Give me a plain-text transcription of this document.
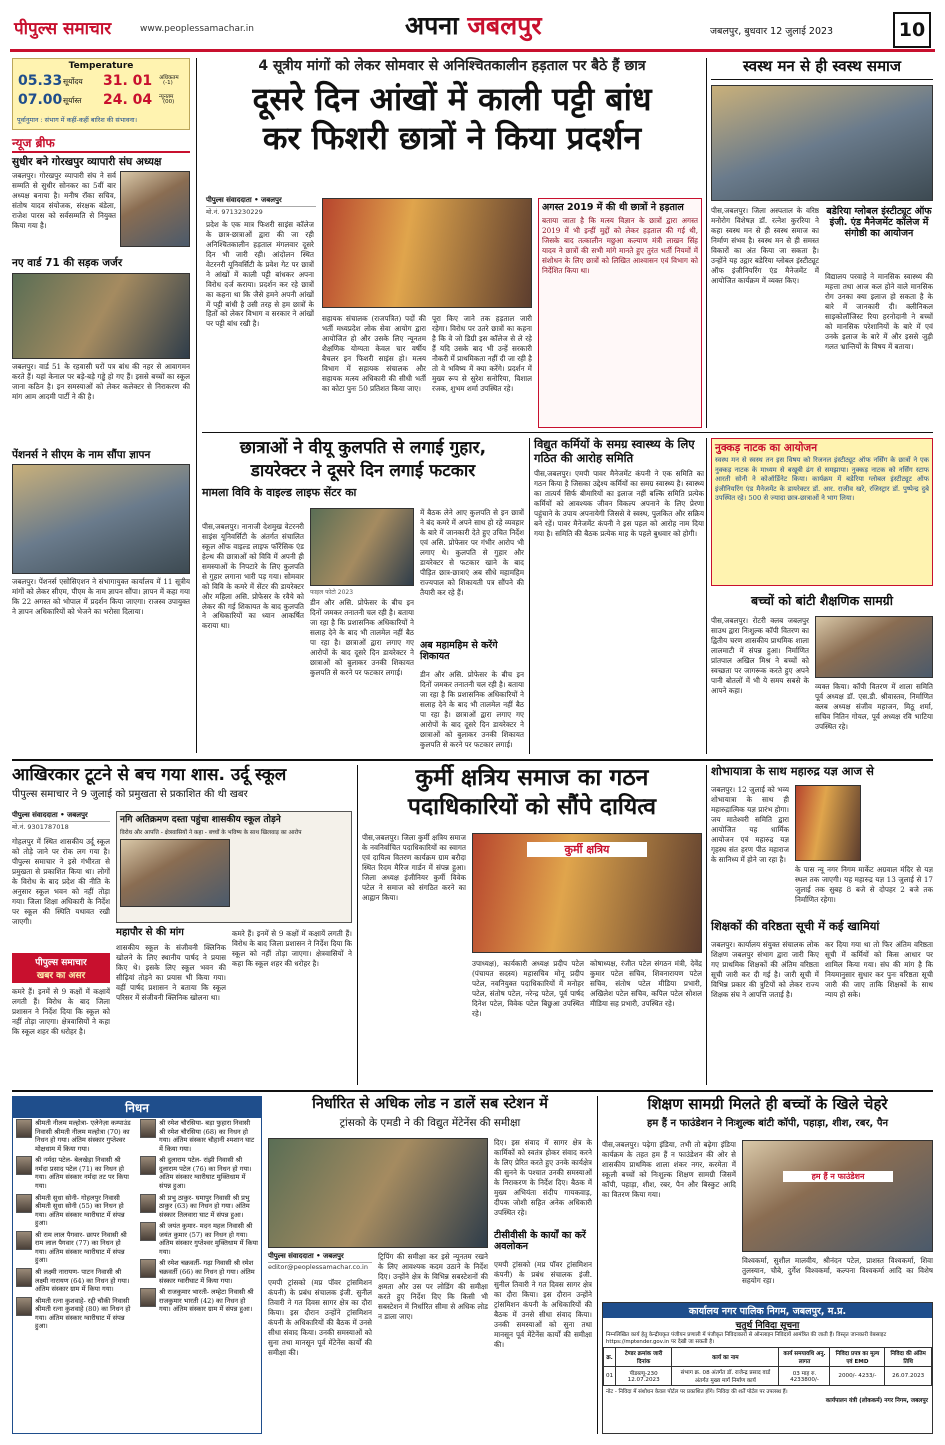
पीपुल्स समाचार	www.peoplessamachar.in	अपना जबलपुर	जबलपुर, बुधवार 12 जुलाई 2023	10
Temperature
05.33 सूर्योदय 31. 01 अधिकतम
(-1)
07.00 सूर्यास्त 24. 04 न्यूनतम
(00)
पूर्वानुमान : संभाग में कहीं-कहीं बारिश की संभावना।
न्यूज ब्रीफ
सुधीर बने गोरखपुर व्यापारी संघ अध्यक्ष
जबलपुर। गोरखपुर व्यापारी संघ ने सर्व सम्मति से सुधीर सोनकर का 5वीं बार अध्यक्ष बनाया है। मनीष रॉका सचिव, संतोष यादव संयोजक, संरक्षक बंडेला, राजेश पारस को सर्वसम्मति से नियुक्त किया गया है।
नए वार्ड 71 की सड़क जर्जर
जबलपुर। वार्ड 51 के रहवासी घरों पत्र बांध की नहर से आवागमन करते हैं। यहां केनाल पर बड़े-बड़े गड्ढे हो गए हैं। इससे बच्चों का स्कूल जाना कठिन है। इन समस्याओं को लेकर कलेक्टर से निराकरण की मांग आम आदमी पार्टी ने की है।
पेंशनर्स ने सीएम के नाम सौंपा ज्ञापन
जबलपुर। पेंशनर्स एसोसिएशन ने संभागायुक्त कार्यालय में 11 सूत्रीय मांगों को लेकर सीएम, पीएम के नाम ज्ञापन सौंपा। ज्ञापन में कहा गया कि 22 अगस्त को भोपाल में प्रदर्शन किया जाएगा। राजस्व उपायुक्त ने ज्ञापन अधिकारियों को भेजने का भरोसा दिलाया।
4 सूत्रीय मांगों को लेकर सोमवार से अनिश्चितकालीन हड़ताल पर बैठे हैं छात्र
दूसरे दिन आंखों में काली पट्टी बांध
कर फिशरी छात्रों ने किया प्रदर्शन
पीपुल्स संवाददाता • जबलपुर
मो.नं. 9713230229
प्रदेश के एक मात्र फिशरी साइंस कॉलेज के छात्र-छात्राओं द्वारा की जा रही अनिश्चितकालीन हड़ताल मंगलवार दूसरे दिन भी जारी रही। आंदोलन स्थित वेटरनरी यूनिवर्सिटी के प्रवेश गेट पर छात्रों ने आंखों में काली पट्टी बांधकर अपना विरोध दर्ज कराया। प्रदर्शन कर रहे छात्रों का कहना था कि जैसे हमने अपनी आंखों में पट्टी बांधी है उसी तरह से हम छात्रों के हितों को लेकर विभाग व सरकार ने आंखों पर पट्टी बांध रखी है।
सहायक संचालक (राजपत्रित) पदों की भर्ती मध्यप्रदेश लोक सेवा आयोग द्वारा आयोजित हो और उसके लिए न्यूनतम शैक्षणिक योग्यता केवल चार वर्षीय बैचलर इन फिशरी साइंस हो। मत्स्य विभाग में सहायक संचालक और सहायक मत्स्य अधिकारी की सीधी भर्ती का कोटा पुनः 50 प्रतिशत किया जाए।
पूरा किए जाने तक हड़ताल जारी रहेगा। विरोध पर उतरे छात्रों का कहना है कि वे जो डिग्री इस कॉलेज से ले रहे हैं यदि उसके बाद भी उन्हें सरकारी नौकरी में प्राथमिकता नहीं दी जा रही है तो वे भविष्य में क्या करेंगे। प्रदर्शन में मुख्य रूप से सुरेश सनोरिया, विशाल रजक, शुभम शर्मा उपस्थित रहे।
अगस्त 2019 में की थी छात्रों ने हड़ताल
बताया जाता है कि मत्स्य विज्ञान के छात्रों द्वारा अगस्त 2019 में भी इन्हीं मुद्दों को लेकर हड़ताल की गई थी, जिसके बाद तत्कालीन मछुआ कल्याण मंत्री लाखन सिंह यादव ने छात्रों की सभी मांगे मानते हुए तुरंत भर्ती नियमों में संशोधन के लिए छात्रों को लिखित आश्वासन एवं विभाग को निर्देशित किया था।
स्वस्थ मन से ही स्वस्थ समाज
पीस,जबलपुर। जिला अस्पताल के वरिष्ठ मनोरोग विशेषज्ञ डॉ. रत्नेश कुररिया ने कहा स्वस्थ मन से ही स्वस्थ समाज का निर्माण संभव है। स्वस्थ मन से ही समस्त विकारों का अंत किया जा सकता है। उन्होंने यह उद्गार बडेरिया ग्लोबल इंस्टीट्यूट ऑफ इंजीनियरिंग एंड मैनेजमेंट में आयोजित कार्यक्रम में व्यक्त किए।
बडेरिया ग्लोबल इंस्टीट्यूट ऑफ इंजी. एंड मैनेजमेंट कॉलेज में संगोष्ठी का आयोजन
विद्यालय परवाहे ने मानसिक स्वास्थ्य की महत्ता तथा आज कल होने वाले मानसिक रोग उनका क्या इलाज हो सकता है के बारे में जानकारी दी। क्लीनिकल साइकोलॉजिस्ट रिया हरनोदानी ने बच्चों को मानसिक परेशानियों के बारे में एवं उनके इलाज के बारे में और इससे जुड़ी गलत भ्रान्तियों के विषय में बताया।
छात्राओं ने वीयू कुलपति से लगाई गुहार,
डायरेक्टर ने दूसरे दिन लगाई फटकार
मामला विवि के वाइल्ड लाइफ सेंटर का
पीस,जबलपुर। नानाजी देशमुख वेटरनरी साइंस यूनिवर्सिटी के अंतर्गत संचालित स्कूल ऑफ वाइल्ड लाइफ फॉरेंसिक एंड हेल्थ की छात्राओं को विवि में अपनी ही समस्याओं के निपटारे के लिए कुलपति से गुहार लगाना भारी पड़ गया। सोमवार को विवि के कमरे में सेंटर की डायरेक्टर और महिला असि. प्रोफेसर के रवैये को लेकर की गई शिकायत के बाद कुलपति ने अधिकारियों का ध्यान आकर्षित कराया था।
फाइल फोटो 2023
डीन और असि. प्रोफेसर के बीच इन दिनों जमकर तनातनी चल रही है। बताया जा रहा है कि प्रशासनिक अधिकारियों ने सलाह देने के बाद भी तालमेल नहीं बैठ पा रहा है। छात्राओं द्वारा लगाए गए आरोपों के बाद दूसरे दिन डायरेक्टर ने छात्राओं को बुलाकर उनकी शिकायत कुलपति से करने पर फटकार लगाई।
में बैठक लेने आए कुलपति से इन छात्रों ने बंद कमरे में अपने साथ हो रहे व्यवहार के बारे में जानकारी देते हुए उचित निर्देश एवं असि. प्रोफेसर पर गंभीर आरोप भी लगाए थे। कुलपति से गुहार और डायरेक्टर से फटकार खाने के बाद पीड़ित छात्र-छात्राएं अब सीधे महामहिम राज्यपाल को शिकायती पत्र सौंपने की तैयारी कर रहे हैं।
अब महामहिम से करेंगे शिकायत
डीन और असि. प्रोफेसर के बीच इन दिनों जमकर तनातनी चल रही है। बताया जा रहा है कि प्रशासनिक अधिकारियों ने सलाह देने के बाद भी तालमेल नहीं बैठ पा रहा है। छात्राओं द्वारा लगाए गए आरोपों के बाद दूसरे दिन डायरेक्टर ने छात्राओं को बुलाकर उनकी शिकायत कुलपति से करने पर फटकार लगाई।
विद्युत कर्मियों के समग्र स्वास्थ्य के लिए गठित की आरोह समिति
पीस,जबलपुर। एमपी पावर मैनेजमेंट कंपनी ने एक समिति का गठन किया है जिसका उद्देश्य कर्मियों का समग्र स्वास्थ्य है। स्वास्थ्य का तात्पर्य सिर्फ बीमारियों का इलाज नहीं बल्कि समिति प्रत्येक कर्मियों को आवश्यक जीवन विकल्प अपनाने के लिए प्रेरणा पहुंचाने के उपाय अपनायेगी जिससे वे स्वस्थ, पुलकित और सक्रिय बने रहें। पावर मैनेजमेंट कंपनी ने इस पहल को आरोह नाम दिया गया है। समिति की बैठक प्रत्येक माह के पहले बुधवार को होगी।
नुक्कड़ नाटक का आयोजन
स्वस्थ मन से स्वस्थ तन इस विषय को रिजनल इंस्टीट्यूट ऑफ नर्सिंग के छात्रों ने एक नुक्कड़ नाटक के माध्यम से बखूबी ढंग से समझाया। नुक्कड़ नाटक को नर्सिंग स्टाफ आरती सोनी ने कोऑर्डिनेट किया। कार्यक्रम में बडेरिया ग्लोबल इंस्टीट्यूट ऑफ इंजीनियरिंग एंड मैनेजमेंट के डायरेक्टर डॉ. आर. राजीव खरे, रजिस्ट्रार डॉ. पुष्पेन्द्र दुबे उपस्थित रहे। 500 से ज्यादा छात्र-छात्राओं ने भाग लिया।
बच्चों को बांटी शैक्षणिक सामग्री
पीस,जबलपुर। रोटरी क्लब जबलपुर साउथ द्वारा निःशुल्क कॉपी वितरण का द्वितीय चरण शासकीय प्राथमिक शाला लालमाटी में संपन्न हुआ। निर्माणित प्रांतपाल अखिल मिश्र ने बच्चों को स्वच्छता पर जागरूक करते हुए अपने पानी बोतलों में भी ये समय सबसे के आपने कहा।	व्यक्त किया। कॉपी वितरण में शाला समिति पूर्व अध्यक्ष डॉ. एस.डी. श्रीवास्तव, निर्माणित क्लब अध्यक्ष संजीव महाजन, मिठू शर्मा, सचिव नितिन गोयल, पूर्व अध्यक्ष रवि भाटिया उपस्थित रहे।
आखिरकार टूटने से बच गया शास. उर्दू स्कूल
पीपुल्स समाचार ने 9 जुलाई को प्रमुखता से प्रकाशित की थी खबर
पीपुल्स संवाददाता • जबलपुर
मो.नं. 9301787018
गोहलपुर में स्थित शासकीय उर्दू स्कूल को तोड़े जाने पर रोक लग गया है। पीपुल्स समाचार ने इसे गंभीरता से प्रमुखता से प्रकाशित किया था। लोगों के विरोध के बाद प्रदेश की नीति के अनुसार स्कूल भवन को नहीं तोड़ा गया। जिला शिक्षा अधिकारी के निर्देश पर स्कूल की स्थिति यथावत रखी जाएगी।
पीपुल्स समाचार
खबर का असर
कमरे हैं। इनमें से 9 कक्षों में कक्षायें लगती हैं। विरोध के बाद जिला प्रशासन ने निर्देश दिया कि स्कूल को नहीं तोड़ा जाएगा। क्षेत्रवासियों ने कहा कि स्कूल शहर की धरोहर है।
नगि अतिक्रमण दस्ता पहुंचा शासकीय स्कूल तोड़ने
विरोध और आपत्ति - क्षेत्रवासियों ने कहा - बच्चों के भविष्य के साथ खिलवाड़ का आरोप
महापौर से की मांग
शासकीय स्कूल के संजीवनी क्लिनिक खोलने के लिए स्थानीय पार्षद ने प्रयास किए थे। इसके लिए स्कूल भवन की सीढ़ियां तोड़ने का प्रयास भी किया गया। वहीं पार्षद प्रशासन ने बताया कि स्कूल परिसर में संजीवनी क्लिनिक खोलना था।
कमरे हैं। इनमें से 9 कक्षों में कक्षायें लगती हैं। विरोध के बाद जिला प्रशासन ने निर्देश दिया कि स्कूल को नहीं तोड़ा जाएगा। क्षेत्रवासियों ने कहा कि स्कूल शहर की धरोहर है।
कुर्मी क्षत्रिय समाज का गठन
पदाधिकारियों को सौंपे दायित्व
पीस,जबलपुर। जिला कुर्मी क्षत्रिय समाज के नवनिर्वाचित पदाधिकारियों का स्वागत एवं दायित्व वितरण कार्यक्रम ग्राम बरौदा स्थित रिदम मैरिज गार्डन में संपन्न हुआ। जिला अध्यक्ष इंजीनियर कुर्मी विवेक पटेल ने समाज को संगठित करने का आह्वान किया।
कुर्मी क्षत्रिय
उपाध्यक्ष), कार्यकारी अध्यक्ष प्रदीप पटेल (पंचायत सदस्य) महासचिव मोनू प्रदीप पटेल, नवनियुक्त पदाधिकारियों में मनोहर पटेल, संतोष पटेल, नरेन्द्र पटेल, पूर्व पार्षद दिनेश पटेल, विवेक पटेल बिछुआ उपस्थित रहे।
कोषाध्यक्ष, रंजीत पटेल संगठन मंत्री, देवेंद्र कुमार पटेल सचिव, शिवनारायण पटेल सचिव, संतोष पटेल मीडिया प्रभारी, अखिलेश पटेल सचिव, कपिल पटेल सोशल मीडिया सह प्रभारी, उपस्थित रहे।
शोभायात्रा के साथ महारुद्र यज्ञ आज से
जबलपुर। 12 जुलाई को भव्य शोभायात्रा के साथ ही महारुद्रात्मिक यज्ञ प्रारंभ होगा। जय मातेश्वरी समिति द्वारा आयोजित यह धार्मिक आयोजन एवं महारुद्र यज्ञ गृहस्थ संत हरण पीठ महाराज के सानिध्य में होने जा रहा है।
के पास न्यू नगर निगम मार्केट अग्रवाल मंदिर से यज्ञ स्थल तक जाएगी। यह महारुद्र यज्ञ 13 जुलाई से 17 जुलाई तक सुबह 8 बजे से दोपहर 2 बजे तक निर्माणित रहेगा।
शिक्षकों की वरिष्ठता सूची में कई खामियां
जबलपुर। कार्यालय संयुक्त संचालक लोक शिक्षण जबलपुर संभाग द्वारा जारी किए गए प्राथमिक शिक्षकों की अंतिम वरिष्ठता सूची जारी कर दी गई है। जारी सूची में विभिन्न प्रकार की त्रुटियों को लेकर राज्य शिक्षक संघ ने आपत्ति जताई है।
कर दिया गया था तो फिर अंतिम वरिष्ठता सूची में कर्मियों को किस आधार पर शामिल किया गया। संघ की मांग है कि नियमानुसार सुधार कर पुनः वरिष्ठता सूची जारी की जाए ताकि शिक्षकों के साथ न्याय हो सके।
निधन
श्रीमती नीलम मल्होत्रा- एलेनेज़ा कम्पाउंड निवासी श्रीमती नीलम मल्होत्रा (70) का निधन हो गया। अंतिम संस्कार गुप्तेश्वर मोक्षधाम में किया गया।
श्री नर्मदा पटेल- बेलखेड़ा निवासी श्री नर्मदा प्रसाद पटेल (71) का निधन हो गया। अंतिम संस्कार नर्मदा तट पर किया गया।
श्रीमती सुधा सोनी- गोहलपुर निवासी श्रीमती सुधा सोनी (55) का निधन हो गया। अंतिम संस्कार ग्वारीघाट में संपन्न हुआ।
श्री राम लाल पैगवार- छापर निवासी श्री राम लाल पैगवार (77) का निधन हो गया। अंतिम संस्कार ग्वारीघाट में संपन्न हुआ।
श्री लक्ष्मी नारायण- पाटन निवासी श्री लक्ष्मी नारायण (64) का निधन हो गया। अंतिम संस्कार ग्राम में किया गया।
श्रीमती रत्ना कुशवाहे- रद्दी चौकी निवासी श्रीमती रत्ना कुशवाहे (80) का निधन हो गया। अंतिम संस्कार ग्वारीघाट में संपन्न हुआ।
श्री रमेश चौरसिया- बड़ा फुहारा निवासी श्री रमेश चौरसिया (68) का निधन हो गया। अंतिम संस्कार चौहानी श्मशान घाट में किया गया।
श्री दुलाराम पटेल- रांझी निवासी श्री दुलाराम पटेल (76) का निधन हो गया। अंतिम संस्कार ग्वारीघाट मुक्तिधाम में संपन्न हुआ।
श्री प्रभु ठाकुर- घमापुर निवासी श्री प्रभु ठाकुर (63) का निधन हो गया। अंतिम संस्कार तिलवारा घाट में संपन्न हुआ।
श्री जयंत कुमार- मदन महल निवासी श्री जयंत कुमार (57) का निधन हो गया। अंतिम संस्कार गुप्तेश्वर मुक्तिधाम में किया गया।
श्री रमेश चक्रवर्ती- गढ़ा निवासी श्री रमेश चक्रवर्ती (66) का निधन हो गया। अंतिम संस्कार ग्वारीघाट में किया गया।
श्री राजकुमार भारती- लम्हेटा निवासी श्री राजकुमार भारती (42) का निधन हो गया। अंतिम संस्कार ग्राम में संपन्न हुआ।
निर्धारित से अधिक लोड न डालें सब स्टेशन में
ट्रांसको के एमडी ने की विद्युत मेंटेनेंस की समीक्षा
पीपुल्स संवाददाता • जबलपुर
editor@peoplessamachar.co.in
एमपी ट्रांसको (मप्र पॉवर ट्रांसमिशन कंपनी) के प्रबंध संचालक इंजी. सुनील तिवारी ने गत दिवस सागर क्षेत्र का दौरा किया। इस दौरान उन्होंने ट्रांसमिशन कंपनी के अधिकारियों की बैठक में उनसे सीधा संवाद किया। उनकी समस्याओं को सुना तथा मानसून पूर्व मेंटेनेंस कार्यों की समीक्षा की।
ट्रिपिंग की समीक्षा कर इसे न्यूनतम रखने के लिए आवश्यक कदम उठाने के निर्देश दिए। उन्होंने क्षेत्र के विभिन्न सबस्टेशनों की क्षमता और उस पर लोडिंग की समीक्षा करते हुए निर्देश दिए कि किसी भी सबस्टेशन में निर्धारित सीमा से अधिक लोड न डाला जाए।
दिए। इस संवाद में सागर क्षेत्र के कार्मिकों को स्वतंत्र होकर संवाद करने के लिए प्रेरित करते हुए उनके कार्यक्षेत्र की सुनने के पश्चात उनकी समस्याओं के निराकरण के निर्देश दिए। बैठक में मुख्य अभियंता संदीप गायकवाड़, दीपक जोशी सहित अनेक अधिकारी उपस्थित रहे।
टीसीवीसी के कार्यों का करें अवलोकन
एमपी ट्रांसको (मप्र पॉवर ट्रांसमिशन कंपनी) के प्रबंध संचालक इंजी. सुनील तिवारी ने गत दिवस सागर क्षेत्र का दौरा किया। इस दौरान उन्होंने ट्रांसमिशन कंपनी के अधिकारियों की बैठक में उनसे सीधा संवाद किया। उनकी समस्याओं को सुना तथा मानसून पूर्व मेंटेनेंस कार्यों की समीक्षा की।
शिक्षण सामग्री मिलते ही बच्चों के खिले चेहरे
हम हैं न फाउंडेशन ने निःशुल्क बांटी कॉपी, पहाड़ा, शीश, रबर, पैन
पीस,जबलपुर। पढ़ेगा इंडिया, तभी तो बढ़ेगा इंडिया कार्यक्रम के तहत हम हैं न फाउंडेशन की ओर से शासकीय प्राथमिक शाला शंकर नगर, करमेता में स्कूली बच्चों को निःशुल्क शिक्षण सामग्री जिसमें कॉपी, पहाड़ा, शीश, रबर, पैन और बिस्कुट आदि का वितरण किया गया।
हम हैं न फाउंडेशन
विश्वकर्मा, सुशील मालवीय, श्रीनंदन पटेल, प्राशस्त विश्वकर्मा, शिवा तुलस्यान, चौबे, दुर्गेश विश्वकर्मा, कल्पना विश्वकर्मा आदि का विशेष सहयोग रहा।
कार्यालय नगर पालिक निगम, जबलपुर, म.प्र.
चतुर्थ निविदा सूचना
निम्नलिखित कार्य हेतु केन्द्रीयकृत पंजीयन प्रणाली में पंजीकृत निविदाकारों से ऑनलाइन निविदायें आमंत्रित की जाती हैं। विस्तृत जानकारी वेबसाइट https://mptender.gov.in पर देखी जा सकती है।
क्र.	टेण्डर क्रमांक जारी दिनांक	कार्य का नाम	कार्य समयावधि अनु. लागत	निविदा प्रपत्र का मूल्य एवं EMD	निविदा की अंतिम तिथि
01	पीडब्ल्यू-230 12.07.2023	संभाग क्र. 08 अंतर्गत डॉ. राजेन्द्र प्रसाद वार्ड अंतर्गत मुख्य मार्ग निर्माण कार्य	03 माह रु. 4233800/-	2000/- 4233/-	26.07.2023
नोट - निविदा में संशोधन केवल पोर्टल पर प्रकाशित होंगे। निविदा की शर्तें पोर्टल पर उपलब्ध हैं।
कार्यपालन यंत्री (लोककर्म) नगर निगम, जबलपुर
